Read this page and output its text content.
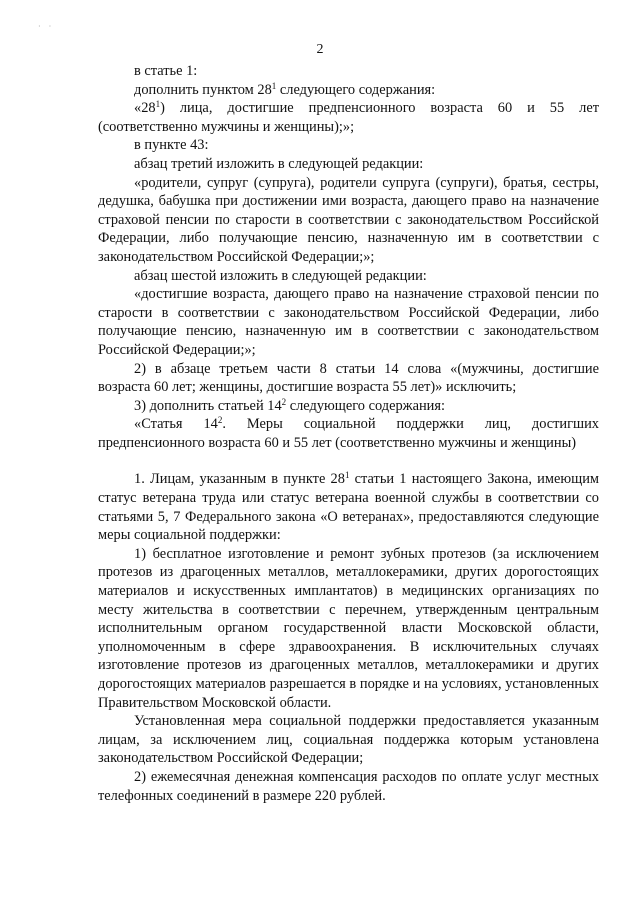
· ·
2

в статье 1:

дополнить пунктом $28^1$ следующего содержания:

«$28^1$) лица, достигшие предпенсионного возраста 60 и 55 лет (соответственно мужчины и женщины);»;

в пункте 43:

абзац третий изложить в следующей редакции:

«родители, супруг (супруга), родители супруга (супруги), братья, сестры, дедушка, бабушка при достижении ими возраста, дающего право на назначение страховой пенсии по старости в соответствии с законодательством Российской Федерации, либо получающие пенсию, назначенную им в соответствии с законодательством Российской Федерации;»;

абзац шестой изложить в следующей редакции:

«достигшие возраста, дающего право на назначение страховой пенсии по старости в соответствии с законодательством Российской Федерации, либо получающие пенсию, назначенную им в соответствии с законодательством Российской Федерации;»;

2) в абзаце третьем части 8 статьи 14 слова «(мужчины, достигшие возраста 60 лет; женщины, достигшие возраста 55 лет)» исключить;

3) дополнить статьей $14^2$ следующего содержания:

«Статья $14^2$. Меры социальной поддержки лиц, достигших предпенсионного возраста 60 и 55 лет (соответственно мужчины и женщины)

1. Лицам, указанным в пункте $28^1$ статьи 1 настоящего Закона, имеющим статус ветерана труда или статус ветерана военной службы в соответствии со статьями 5, 7 Федерального закона «О ветеранах», предоставляются следующие меры социальной поддержки:

1) бесплатное изготовление и ремонт зубных протезов (за исключением протезов из драгоценных металлов, металлокерамики, других дорогостоящих материалов и искусственных имплантатов) в медицинских организациях по месту жительства в соответствии с перечнем, утвержденным центральным исполнительным органом государственной власти Московской области, уполномоченным в сфере здравоохранения. В исключительных случаях изготовление протезов из драгоценных металлов, металлокерамики и других дорогостоящих материалов разрешается в порядке и на условиях, установленных Правительством Московской области.

Установленная мера социальной поддержки предоставляется указанным лицам, за исключением лиц, социальная поддержка которым установлена законодательством Российской Федерации;

2) ежемесячная денежная компенсация расходов по оплате услуг местных телефонных соединений в размере 220 рублей.
